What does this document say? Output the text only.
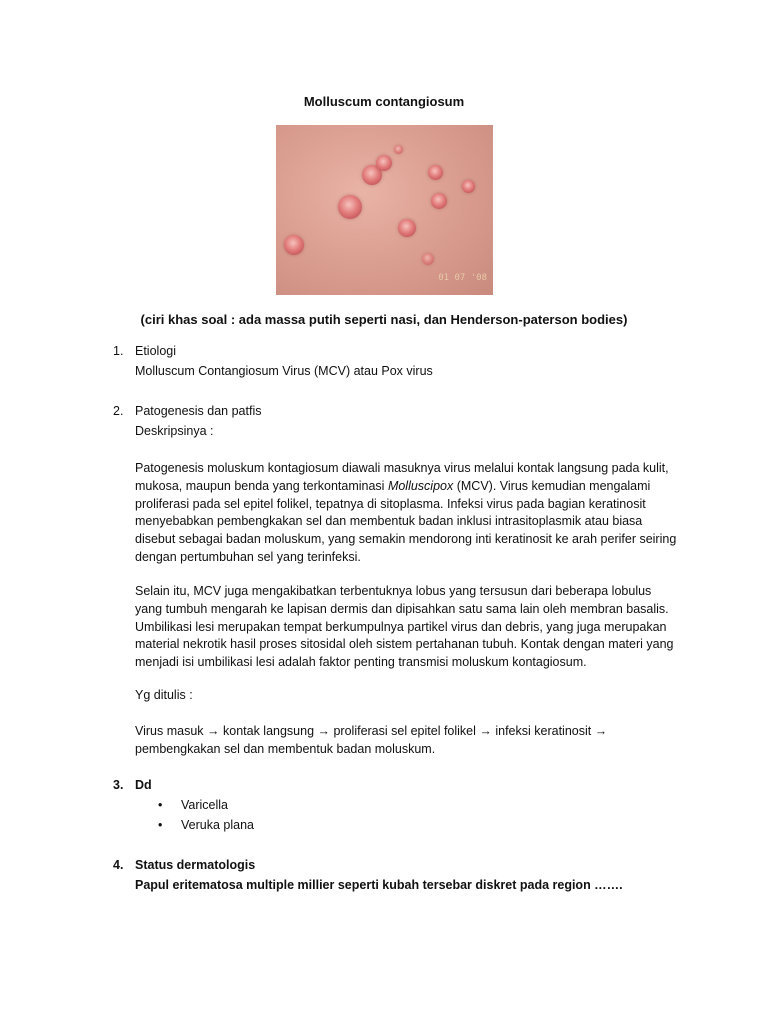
Molluscum contangiosum
01 07 '08
(ciri khas soal : ada massa putih seperti nasi, dan Henderson-paterson bodies)
1. Etiologi
Molluscum Contangiosum Virus (MCV) atau Pox virus
2. Patogenesis dan patfis
Deskripsinya :
Patogenesis moluskum kontagiosum diawali masuknya virus melalui kontak langsung pada kulit, mukosa, maupun benda yang terkontaminasi Molluscipox (MCV). Virus kemudian mengalami proliferasi pada sel epitel folikel, tepatnya di sitoplasma. Infeksi virus pada bagian keratinosit menyebabkan pembengkakan sel dan membentuk badan inklusi intrasitoplasmik atau biasa disebut sebagai badan moluskum, yang semakin mendorong inti keratinosit ke arah perifer seiring dengan pertumbuhan sel yang terinfeksi.
Selain itu, MCV juga mengakibatkan terbentuknya lobus yang tersusun dari beberapa lobulus yang tumbuh mengarah ke lapisan dermis dan dipisahkan satu sama lain oleh membran basalis. Umbilikasi lesi merupakan tempat berkumpulnya partikel virus dan debris, yang juga merupakan material nekrotik hasil proses sitosidal oleh sistem pertahanan tubuh. Kontak dengan materi yang menjadi isi umbilikasi lesi adalah faktor penting transmisi moluskum kontagiosum.
Yg ditulis :
Virus masuk → kontak langsung → proliferasi sel epitel folikel → infeksi keratinosit → pembengkakan sel dan membentuk badan moluskum.
3. Dd
• Varicella
• Veruka plana
4. Status dermatologis
Papul eritematosa multiple millier seperti kubah tersebar diskret pada region …….
